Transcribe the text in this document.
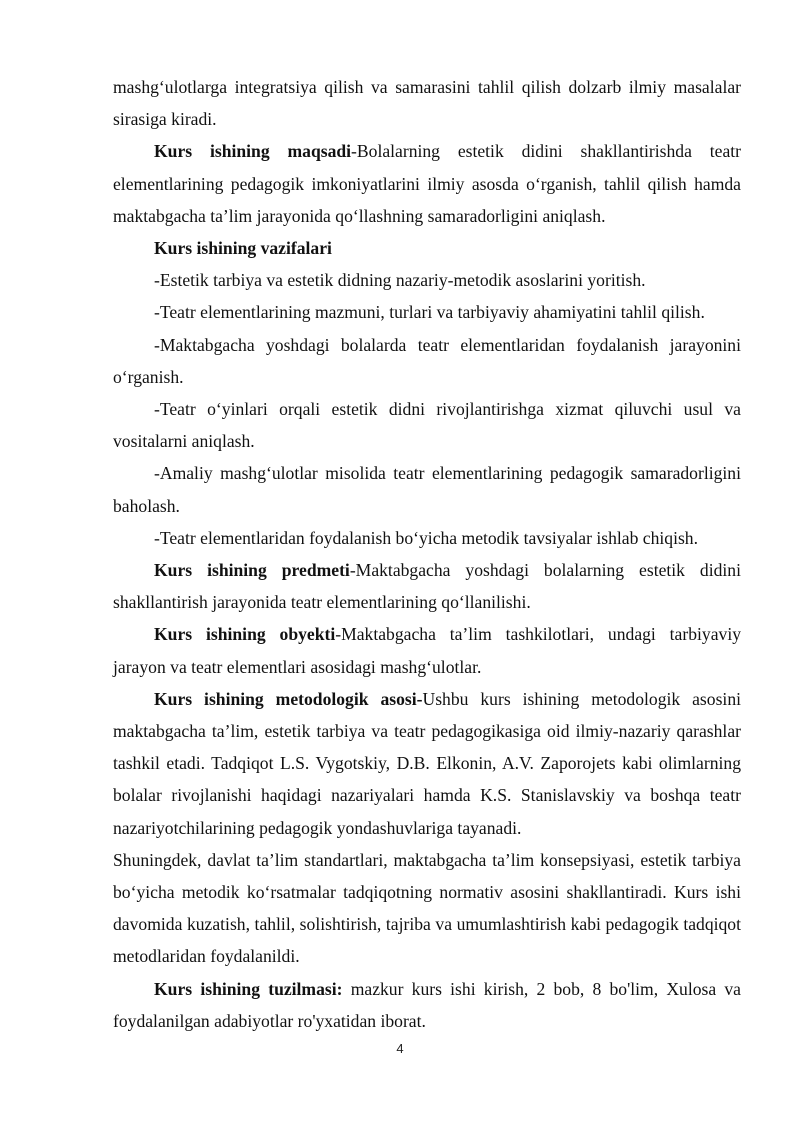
mashg‘ulotlarga integratsiya qilish va samarasini tahlil qilish dolzarb ilmiy masalalar sirasiga kiradi.

Kurs ishining maqsadi-Bolalarning estetik didini shakllantirishda teatr elementlarining pedagogik imkoniyatlarini ilmiy asosda o‘rganish, tahlil qilish hamda maktabgacha ta’lim jarayonida qo‘llashning samaradorligini aniqlash.

Kurs ishining vazifalari

-Estetik tarbiya va estetik didning nazariy-metodik asoslarini yoritish.

-Teatr elementlarining mazmuni, turlari va tarbiyaviy ahamiyatini tahlil qilish.

-Maktabgacha yoshdagi bolalarda teatr elementlaridan foydalanish jarayonini o‘rganish.

-Teatr o‘yinlari orqali estetik didni rivojlantirishga xizmat qiluvchi usul va vositalarni aniqlash.

-Amaliy mashg‘ulotlar misolida teatr elementlarining pedagogik samaradorligini baholash.

-Teatr elementlaridan foydalanish bo‘yicha metodik tavsiyalar ishlab chiqish.

Kurs ishining predmeti-Maktabgacha yoshdagi bolalarning estetik didini shakllantirish jarayonida teatr elementlarining qo‘llanilishi.

Kurs ishining obyekti-Maktabgacha ta’lim tashkilotlari, undagi tarbiyaviy jarayon va teatr elementlari asosidagi mashg‘ulotlar.

Kurs ishining metodologik asosi-Ushbu kurs ishining metodologik asosini maktabgacha ta’lim, estetik tarbiya va teatr pedagogikasiga oid ilmiy-nazariy qarashlar tashkil etadi. Tadqiqot L.S. Vygotskiy, D.B. Elkonin, A.V. Zaporojets kabi olimlarning bolalar rivojlanishi haqidagi nazariyalari hamda K.S. Stanislavskiy va boshqa teatr nazariyotchilarining pedagogik yondashuvlariga tayanadi.

Shuningdek, davlat ta’lim standartlari, maktabgacha ta’lim konsepsiyasi, estetik tarbiya bo‘yicha metodik ko‘rsatmalar tadqiqotning normativ asosini shakllantiradi. Kurs ishi davomida kuzatish, tahlil, solishtirish, tajriba va umumlashtirish kabi pedagogik tadqiqot metodlaridan foydalanildi.

Kurs ishining tuzilmasi: mazkur kurs ishi kirish, 2 bob, 8 bo'lim, Xulosa va foydalanilgan adabiyotlar ro'yxatidan iborat.

4
